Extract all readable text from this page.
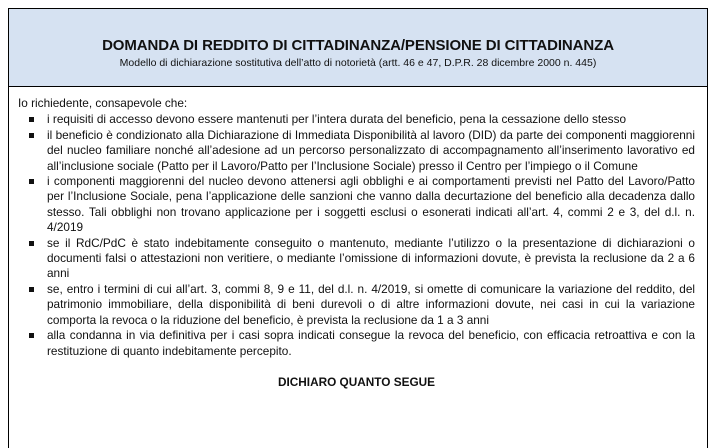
DOMANDA DI REDDITO DI CITTADINANZA/PENSIONE DI CITTADINANZA
Modello di dichiarazione sostitutiva dell’atto di notorietà (artt. 46 e 47, D.P.R. 28 dicembre 2000 n. 445)

Io richiedente, consapevole che:

i requisiti di accesso devono essere mantenuti per l’intera durata del beneficio, pena la cessazione dello stesso
il beneficio è condizionato alla Dichiarazione di Immediata Disponibilità al lavoro (DID) da parte dei componenti maggiorenni del nucleo familiare nonché all’adesione ad un percorso personalizzato di accompagnamento all’inserimento lavorativo ed all’inclusione sociale (Patto per il Lavoro/Patto per l’Inclusione Sociale) presso il Centro per l’impiego o il Comune
i componenti maggiorenni del nucleo devono attenersi agli obblighi e ai comportamenti previsti nel Patto del Lavoro/Patto per l’Inclusione Sociale, pena l’applicazione delle sanzioni che vanno dalla decurtazione del beneficio alla decadenza dallo stesso. Tali obblighi non trovano applicazione per i soggetti esclusi o esonerati indicati all’art. 4, commi 2 e 3, del d.l. n. 4/2019
se il RdC/PdC è stato indebitamente conseguito o mantenuto, mediante l’utilizzo o la presentazione di dichiarazioni o documenti falsi o attestazioni non veritiere, o mediante l’omissione di informazioni dovute, è prevista la reclusione da 2 a 6 anni
se, entro i termini di cui all’art. 3, commi 8, 9 e 11, del d.l. n. 4/2019, si omette di comunicare la variazione del reddito, del patrimonio immobiliare, della disponibilità di beni durevoli o di altre informazioni dovute, nei casi in cui la variazione comporta la revoca o la riduzione del beneficio, è prevista la reclusione da 1 a 3 anni
alla condanna in via definitiva per i casi sopra indicati consegue la revoca del beneficio, con efficacia retroattiva e con la restituzione di quanto indebitamente percepito.
DICHIARO QUANTO SEGUE
